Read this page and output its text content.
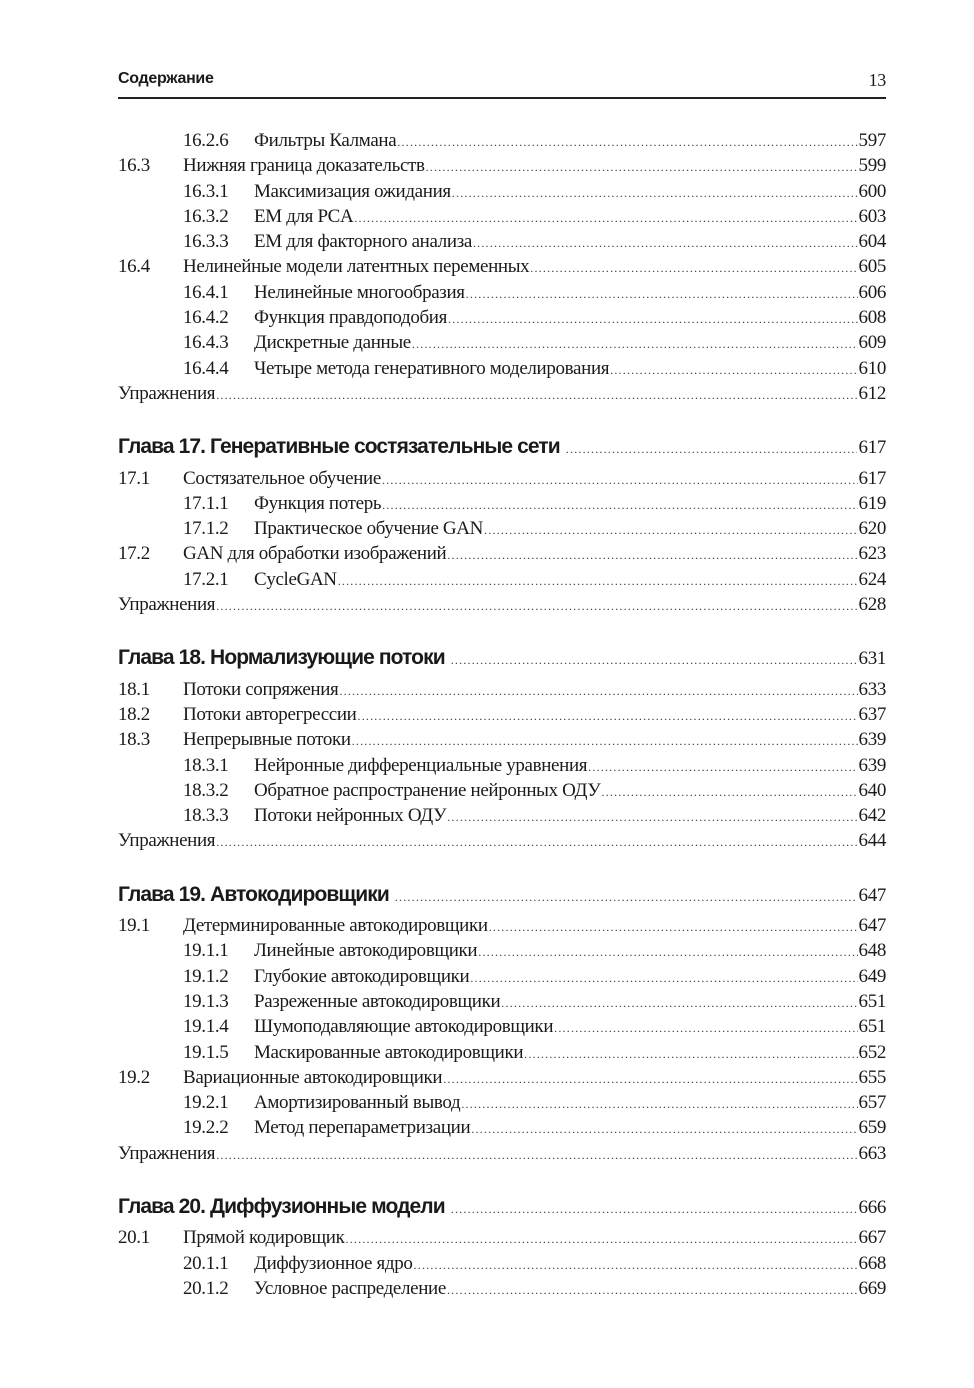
Содержание	13
16.2.6	Фильтры Калмана .....	597
16.3	Нижняя граница доказательств .....	599
16.3.1	Максимизация ожидания .....	600
16.3.2	EM для PCA .....	603
16.3.3	EM для факторного анализа .....	604
16.4	Нелинейные модели латентных переменных .....	605
16.4.1	Нелинейные многообразия .....	606
16.4.2	Функция правдоподобия .....	608
16.4.3	Дискретные данные .....	609
16.4.4	Четыре метода генеративного моделирования .....	610
Упражнения .....	612
Глава 17. Генеративные состязательные сети .....	617
17.1	Состязательное обучение .....	617
17.1.1	Функция потерь .....	619
17.1.2	Практическое обучение GAN .....	620
17.2	GAN для обработки изображений .....	623
17.2.1	CycleGAN .....	624
Упражнения .....	628
Глава 18. Нормализующие потоки .....	631
18.1	Потоки сопряжения .....	633
18.2	Потоки авторегрессии .....	637
18.3	Непрерывные потоки .....	639
18.3.1	Нейронные дифференциальные уравнения .....	639
18.3.2	Обратное распространение нейронных ОДУ .....	640
18.3.3	Потоки нейронных ОДУ .....	642
Упражнения .....	644
Глава 19. Автокодировщики .....	647
19.1	Детерминированные автокодировщики .....	647
19.1.1	Линейные автокодировщики .....	648
19.1.2	Глубокие автокодировщики .....	649
19.1.3	Разреженные автокодировщики .....	651
19.1.4	Шумоподавляющие автокодировщики .....	651
19.1.5	Маскированные автокодировщики .....	652
19.2	Вариационные автокодировщики .....	655
19.2.1	Амортизированный вывод .....	657
19.2.2	Метод перепараметризации .....	659
Упражнения .....	663
Глава 20. Диффузионные модели .....	666
20.1	Прямой кодировщик .....	667
20.1.1	Диффузионное ядро .....	668
20.1.2	Условное распределение .....	669
